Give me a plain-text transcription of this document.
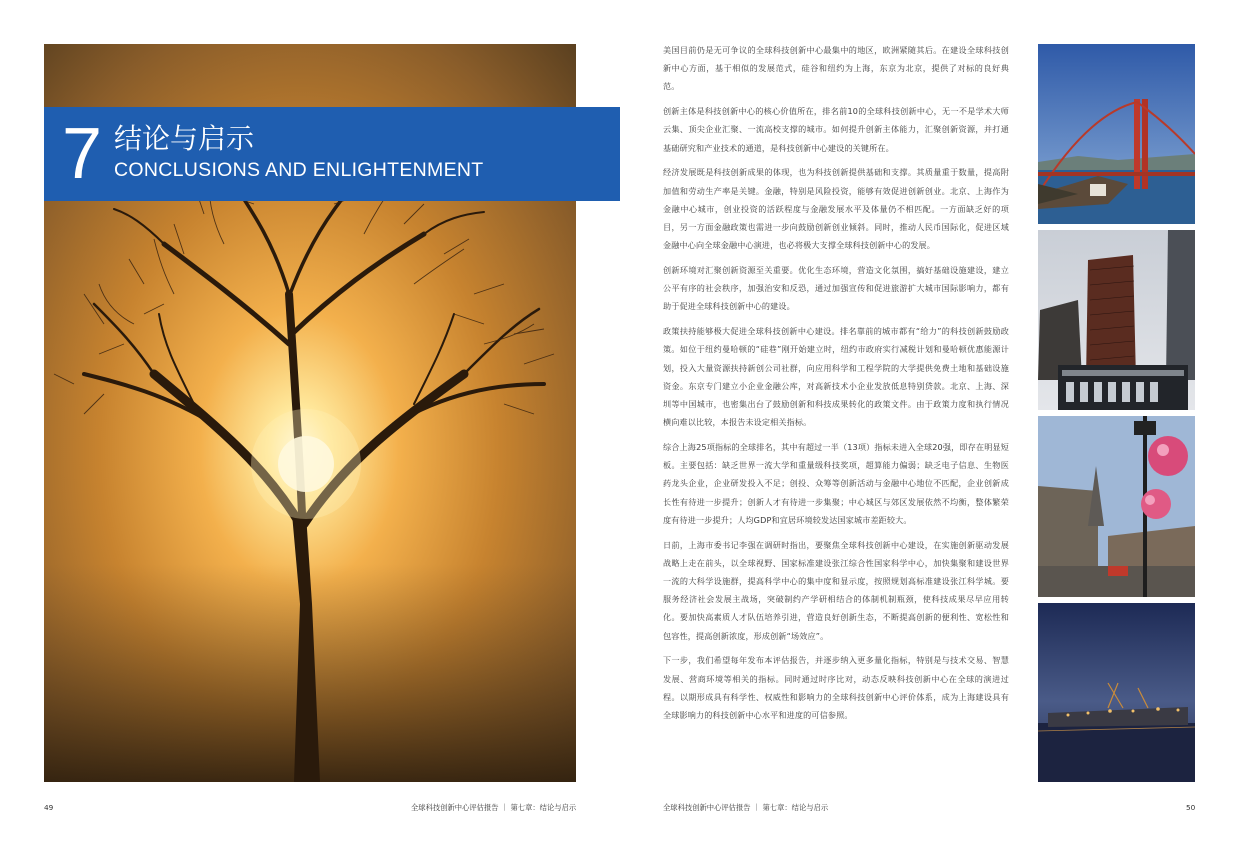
7 结论与启示
CONCLUSIONS AND ENLIGHTENMENT

美国目前仍是无可争议的全球科技创新中心最集中的地区，欧洲紧随其后。在建设全球科技创新中心方面，基于相似的发展范式，硅谷和纽约为上海，东京为北京，提供了对标的良好典范。

创新主体是科技创新中心的核心价值所在，排名前10的全球科技创新中心，无一不是学术大师云集、顶尖企业汇聚、一流高校支撑的城市。如何提升创新主体能力，汇聚创新资源，并打通基础研究和产业技术的通道，是科技创新中心建设的关键所在。

经济发展既是科技创新成果的体现，也为科技创新提供基础和支撑。其质量重于数量，提高附加值和劳动生产率是关键。金融，特别是风险投资，能够有效促进创新创业。北京、上海作为金融中心城市，创业投资的活跃程度与金融发展水平及体量仍不相匹配。一方面缺乏好的项目，另一方面金融政策也需进一步向鼓励创新创业倾斜。同时，推动人民币国际化，促进区域金融中心向全球金融中心演进，也必将极大支撑全球科技创新中心的发展。

创新环境对汇聚创新资源至关重要。优化生态环境，营造文化氛围，搞好基础设施建设，建立公平有序的社会秩序，加强治安和反恐，通过加强宣传和促进旅游扩大城市国际影响力，都有助于促进全球科技创新中心的建设。

政策扶持能够极大促进全球科技创新中心建设。排名靠前的城市都有“给力”的科技创新鼓励政策。如位于纽约曼哈顿的“硅巷”刚开始建立时，纽约市政府实行减税计划和曼哈顿优惠能源计划，投入大量资源扶持新创公司社群，向应用科学和工程学院的大学提供免费土地和基础设施资金。东京专门建立小企业金融公库，对高新技术小企业发放低息特别贷款。北京、上海、深圳等中国城市，也密集出台了鼓励创新和科技成果转化的政策文件。由于政策力度和执行情况横向难以比较，本报告未设定相关指标。

综合上海25项指标的全球排名，其中有超过一半（13项）指标未进入全球20强，即存在明显短板。主要包括：缺乏世界一流大学和重量级科技奖项，超算能力偏弱；缺乏电子信息、生物医药龙头企业，企业研发投入不足；创投、众筹等创新活动与金融中心地位不匹配，企业创新成长性有待进一步提升；创新人才有待进一步集聚；中心城区与郊区发展依然不均衡，整体繁荣度有待进一步提升；人均GDP和宜居环境较发达国家城市差距较大。

日前，上海市委书记李强在调研时指出，要聚焦全球科技创新中心建设，在实施创新驱动发展战略上走在前头，以全球视野、国家标准建设张江综合性国家科学中心，加快集聚和建设世界一流的大科学设施群，提高科学中心的集中度和显示度，按照规划高标准建设张江科学城。要服务经济社会发展主战场，突破制约产学研相结合的体制机制瓶颈，使科技成果尽早应用转化。要加快高素质人才队伍培养引进，营造良好创新生态，不断提高创新的便利性、宽松性和包容性，提高创新浓度，形成创新“场效应”。

下一步，我们希望每年发布本评估报告，并逐步纳入更多量化指标，特别是与技术交易、智慧发展、营商环境等相关的指标。同时通过时序比对，动态反映科技创新中心在全球的演进过程。以期形成具有科学性、权威性和影响力的全球科技创新中心评价体系，成为上海建设具有全球影响力的科技创新中心水平和进度的可信参照。

49	全球科技创新中心评估报告 ｜ 第七章：结论与启示	全球科技创新中心评估报告 ｜ 第七章：结论与启示	50
